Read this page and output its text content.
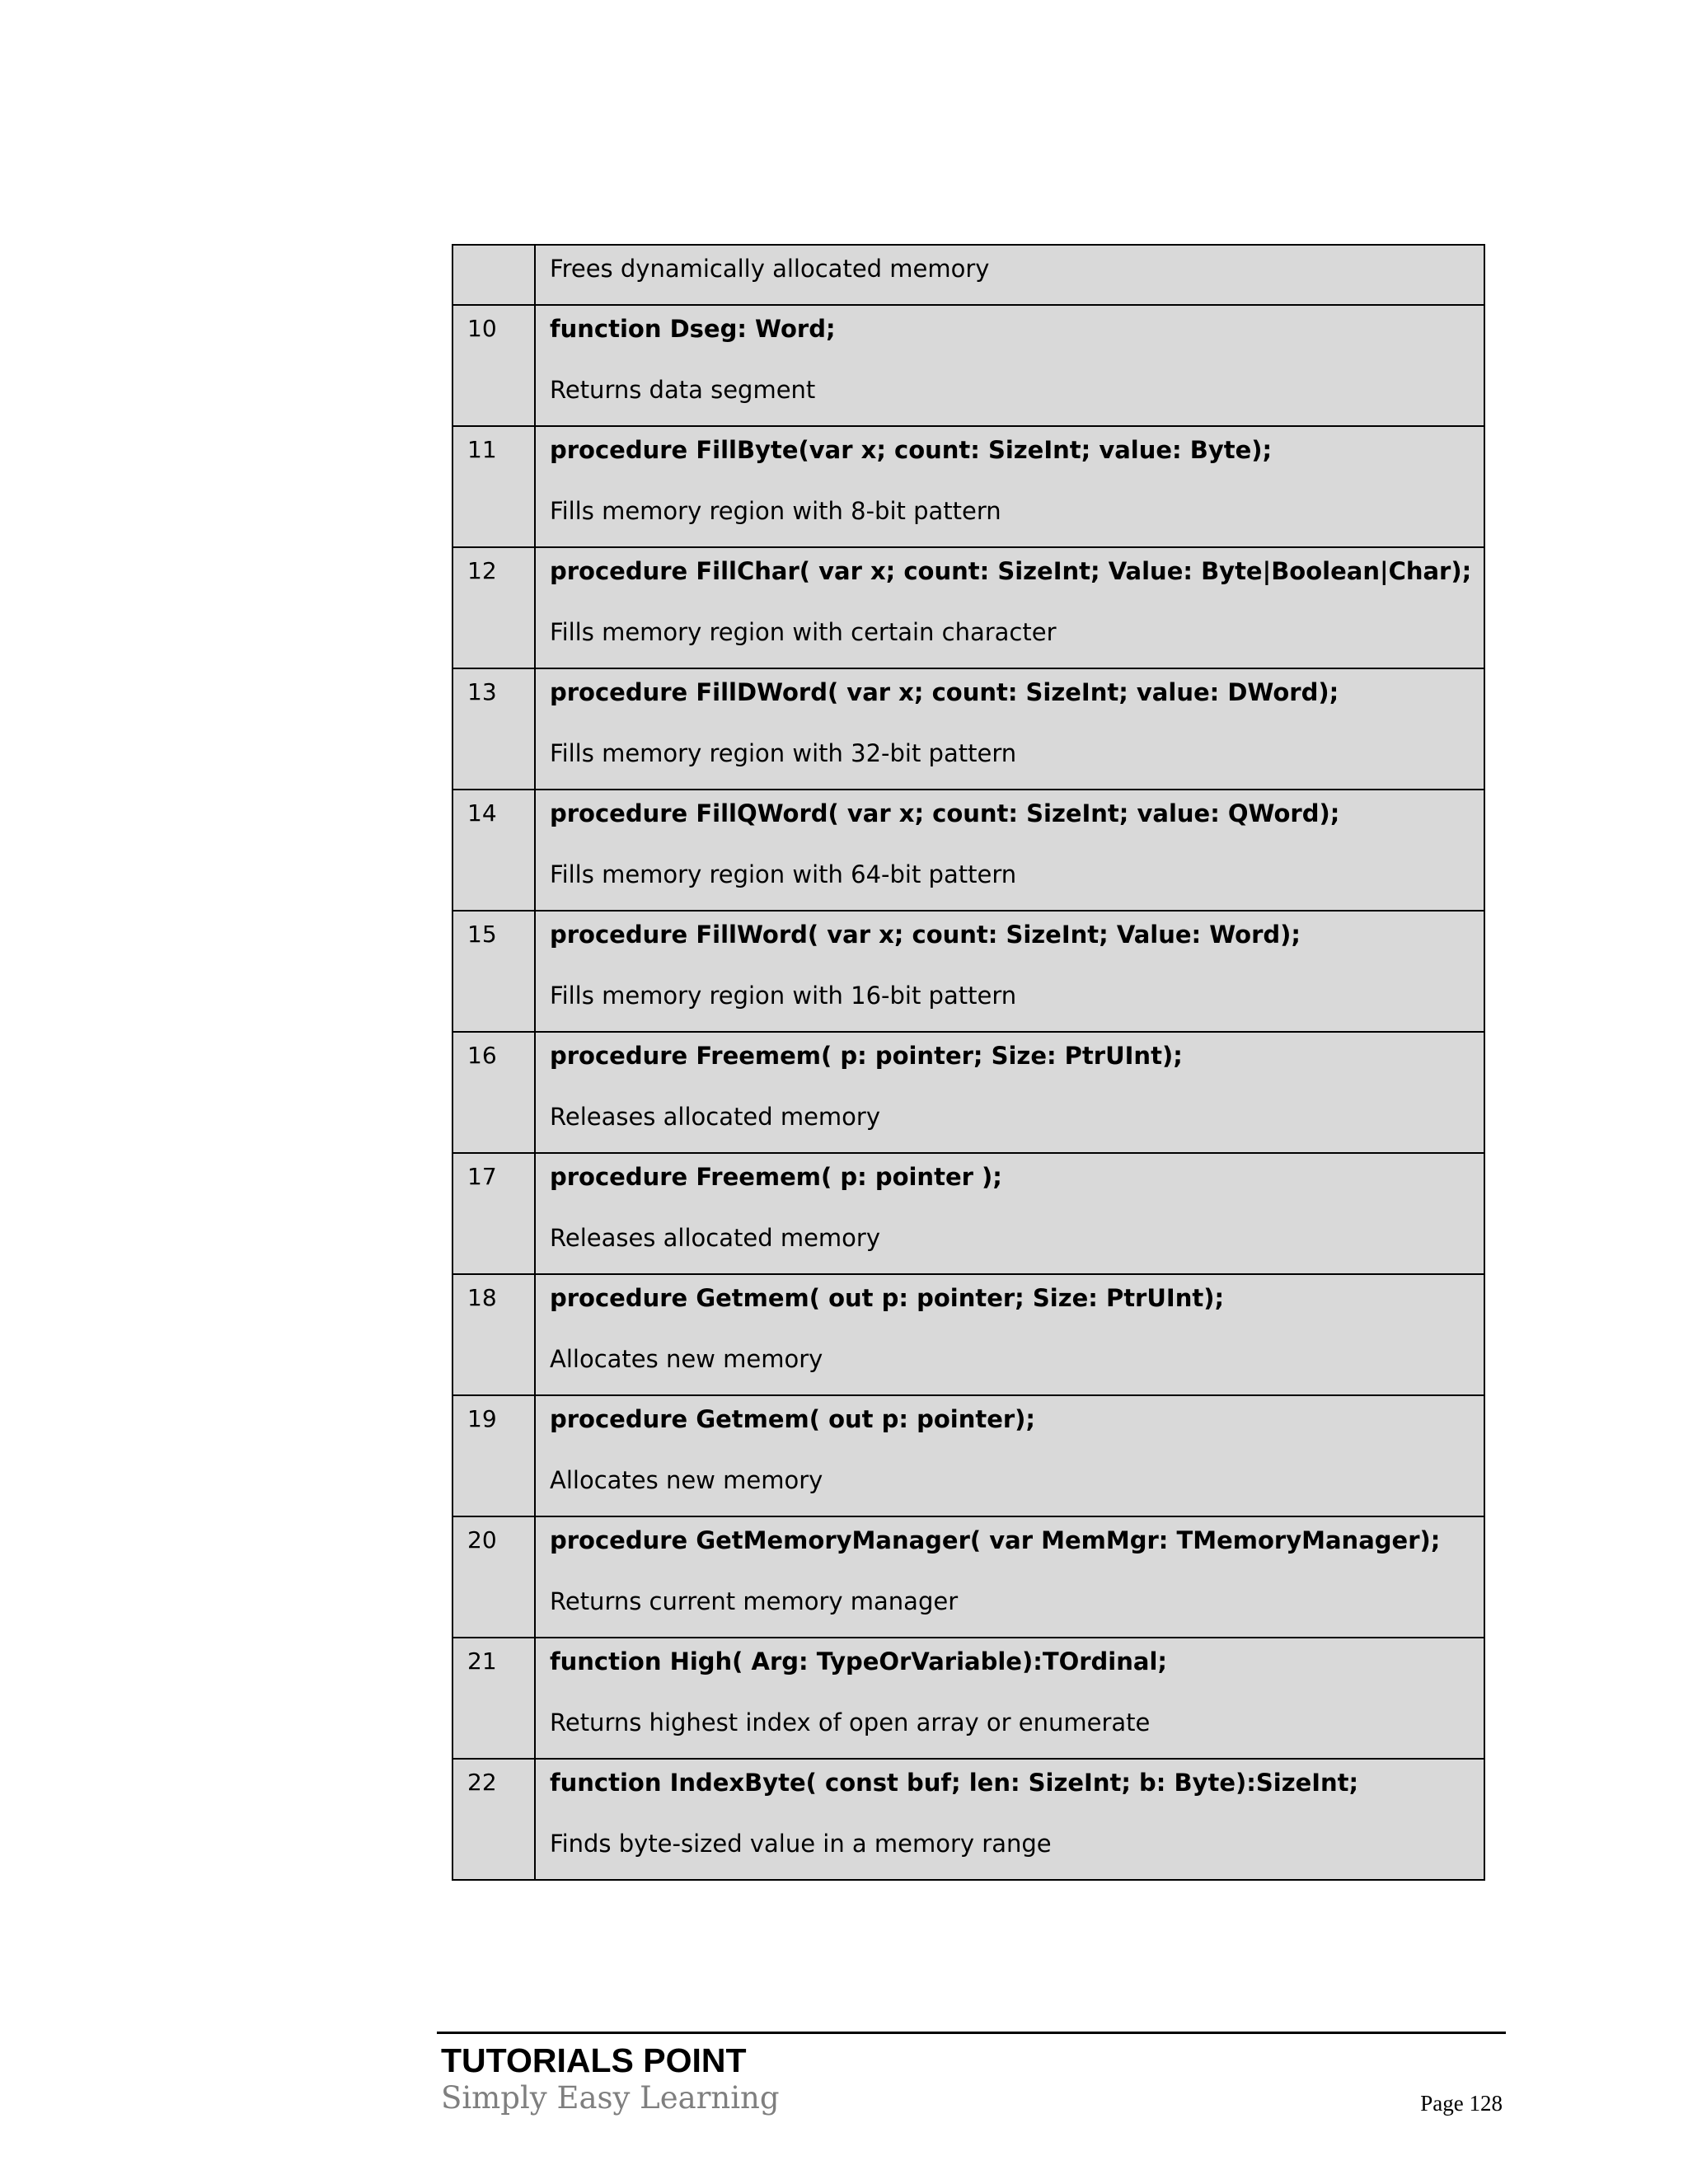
	Frees dynamically allocated memory

10	function Dseg: Word;
Returns data segment

11	procedure FillByte(var x; count: SizeInt; value: Byte);
Fills memory region with 8-bit pattern

12	procedure FillChar( var x; count: SizeInt; Value: Byte|Boolean|Char);
Fills memory region with certain character

13	procedure FillDWord( var x; count: SizeInt; value: DWord);
Fills memory region with 32-bit pattern

14	procedure FillQWord( var x; count: SizeInt; value: QWord);
Fills memory region with 64-bit pattern

15	procedure FillWord( var x; count: SizeInt; Value: Word);
Fills memory region with 16-bit pattern

16	procedure Freemem( p: pointer; Size: PtrUInt);
Releases allocated memory

17	procedure Freemem( p: pointer );
Releases allocated memory

18	procedure Getmem( out p: pointer; Size: PtrUInt);
Allocates new memory

19	procedure Getmem( out p: pointer);
Allocates new memory

20	procedure GetMemoryManager( var MemMgr: TMemoryManager);
Returns current memory manager

21	function High( Arg: TypeOrVariable):TOrdinal;
Returns highest index of open array or enumerate

22	function IndexByte( const buf; len: SizeInt; b: Byte):SizeInt;
Finds byte-sized value in a memory range
TUTORIALS POINT
Simply Easy Learning	Page 128
